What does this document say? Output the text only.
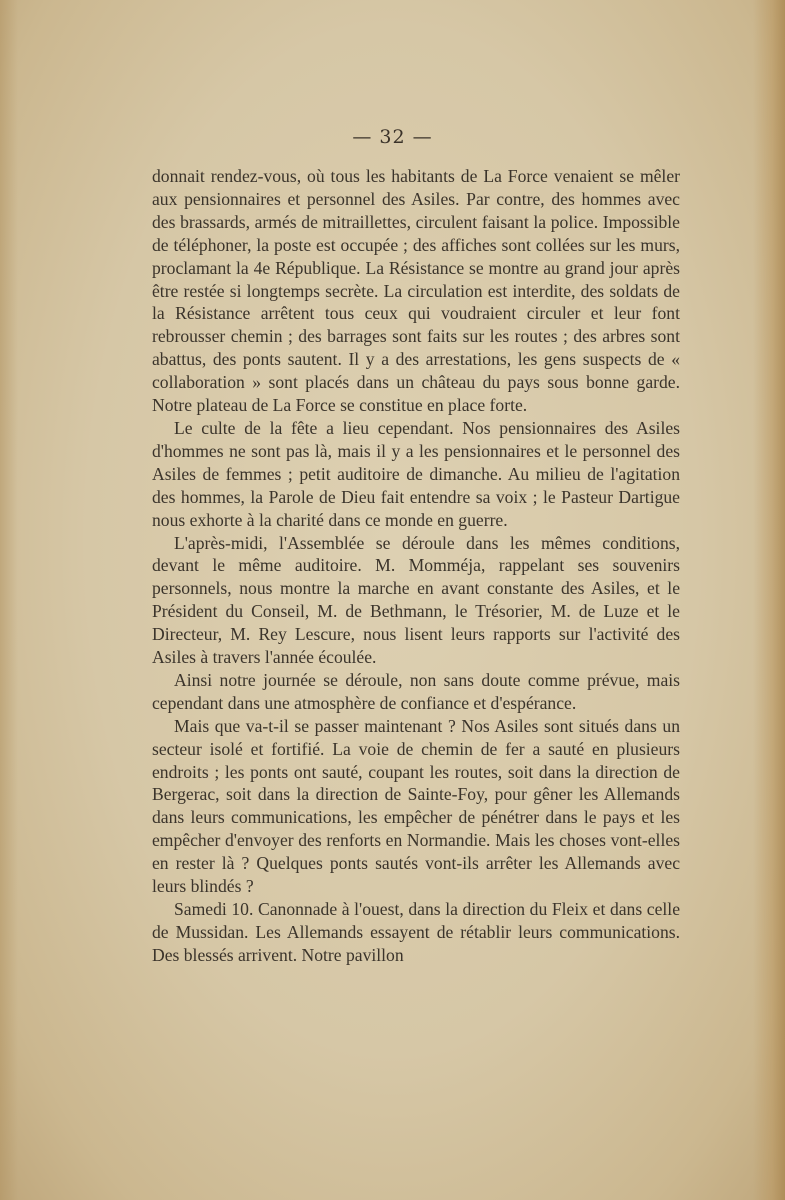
— 32 —

donnait rendez-vous, où tous les habitants de La Force venaient se mêler aux pensionnaires et personnel des Asiles. Par contre, des hommes avec des brassards, armés de mitraillettes, circulent faisant la police. Impossible de téléphoner, la poste est occupée ; des affiches sont collées sur les murs, proclamant la 4e République. La Résistance se montre au grand jour après être restée si longtemps secrète. La circulation est interdite, des soldats de la Résistance arrêtent tous ceux qui voudraient circuler et leur font rebrousser chemin ; des barrages sont faits sur les routes ; des arbres sont abattus, des ponts sautent. Il y a des arrestations, les gens suspects de « collaboration » sont placés dans un château du pays sous bonne garde. Notre plateau de La Force se constitue en place forte.

Le culte de la fête a lieu cependant. Nos pensionnaires des Asiles d'hommes ne sont pas là, mais il y a les pensionnaires et le personnel des Asiles de femmes ; petit auditoire de dimanche. Au milieu de l'agitation des hommes, la Parole de Dieu fait entendre sa voix ; le Pasteur Dartigue nous exhorte à la charité dans ce monde en guerre.

L'après-midi, l'Assemblée se déroule dans les mêmes conditions, devant le même auditoire. M. Momméja, rappelant ses souvenirs personnels, nous montre la marche en avant constante des Asiles, et le Président du Conseil, M. de Bethmann, le Trésorier, M. de Luze et le Directeur, M. Rey Lescure, nous lisent leurs rapports sur l'activité des Asiles à travers l'année écoulée.

Ainsi notre journée se déroule, non sans doute comme prévue, mais cependant dans une atmosphère de confiance et d'espérance.

Mais que va-t-il se passer maintenant ? Nos Asiles sont situés dans un secteur isolé et fortifié. La voie de chemin de fer a sauté en plusieurs endroits ; les ponts ont sauté, coupant les routes, soit dans la direction de Bergerac, soit dans la direction de Sainte-Foy, pour gêner les Allemands dans leurs communications, les empêcher de pénétrer dans le pays et les empêcher d'envoyer des renforts en Normandie. Mais les choses vont-elles en rester là ? Quelques ponts sautés vont-ils arrêter les Allemands avec leurs blindés ?

Samedi 10. Canonnade à l'ouest, dans la direction du Fleix et dans celle de Mussidan. Les Allemands essayent de rétablir leurs communications. Des blessés arrivent. Notre pavillon
